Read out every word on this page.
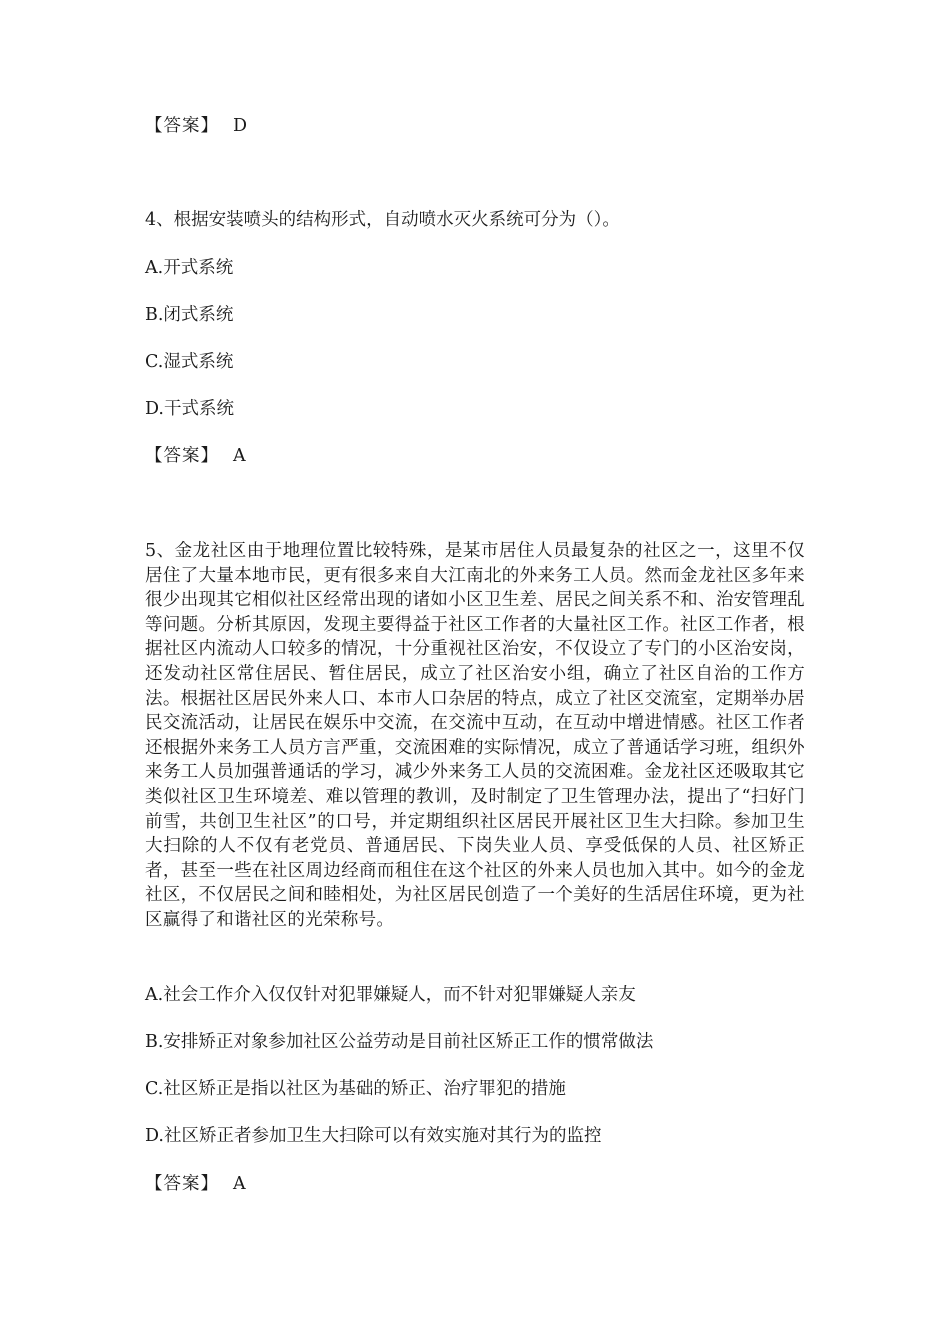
【答案】 D
4、根据安装喷头的结构形式，自动喷水灭火系统可分为（）。
A.开式系统
B.闭式系统
C.湿式系统
D.干式系统
【答案】 A
5、金龙社区由于地理位置比较特殊，是某市居住人员最复杂的社区之一，这里不仅居住了大量本地市民，更有很多来自大江南北的外来务工人员。然而金龙社区多年来很少出现其它相似社区经常出现的诸如小区卫生差、居民之间关系不和、治安管理乱等问题。分析其原因，发现主要得益于社区工作者的大量社区工作。社区工作者，根据社区内流动人口较多的情况，十分重视社区治安，不仅设立了专门的小区治安岗，还发动社区常住居民、暂住居民，成立了社区治安小组，确立了社区自治的工作方法。根据社区居民外来人口、本市人口杂居的特点，成立了社区交流室，定期举办居民交流活动，让居民在娱乐中交流，在交流中互动，在互动中增进情感。社区工作者还根据外来务工人员方言严重，交流困难的实际情况，成立了普通话学习班，组织外来务工人员加强普通话的学习，减少外来务工人员的交流困难。金龙社区还吸取其它类似社区卫生环境差、难以管理的教训，及时制定了卫生管理办法，提出了“扫好门前雪，共创卫生社区”的口号，并定期组织社区居民开展社区卫生大扫除。参加卫生大扫除的人不仅有老党员、普通居民、下岗失业人员、享受低保的人员、社区矫正者，甚至一些在社区周边经商而租住在这个社区的外来人员也加入其中。如今的金龙社区，不仅居民之间和睦相处，为社区居民创造了一个美好的生活居住环境，更为社区赢得了和谐社区的光荣称号。
A.社会工作介入仅仅针对犯罪嫌疑人，而不针对犯罪嫌疑人亲友
B.安排矫正对象参加社区公益劳动是目前社区矫正工作的惯常做法
C.社区矫正是指以社区为基础的矫正、治疗罪犯的措施
D.社区矫正者参加卫生大扫除可以有效实施对其行为的监控
【答案】 A
